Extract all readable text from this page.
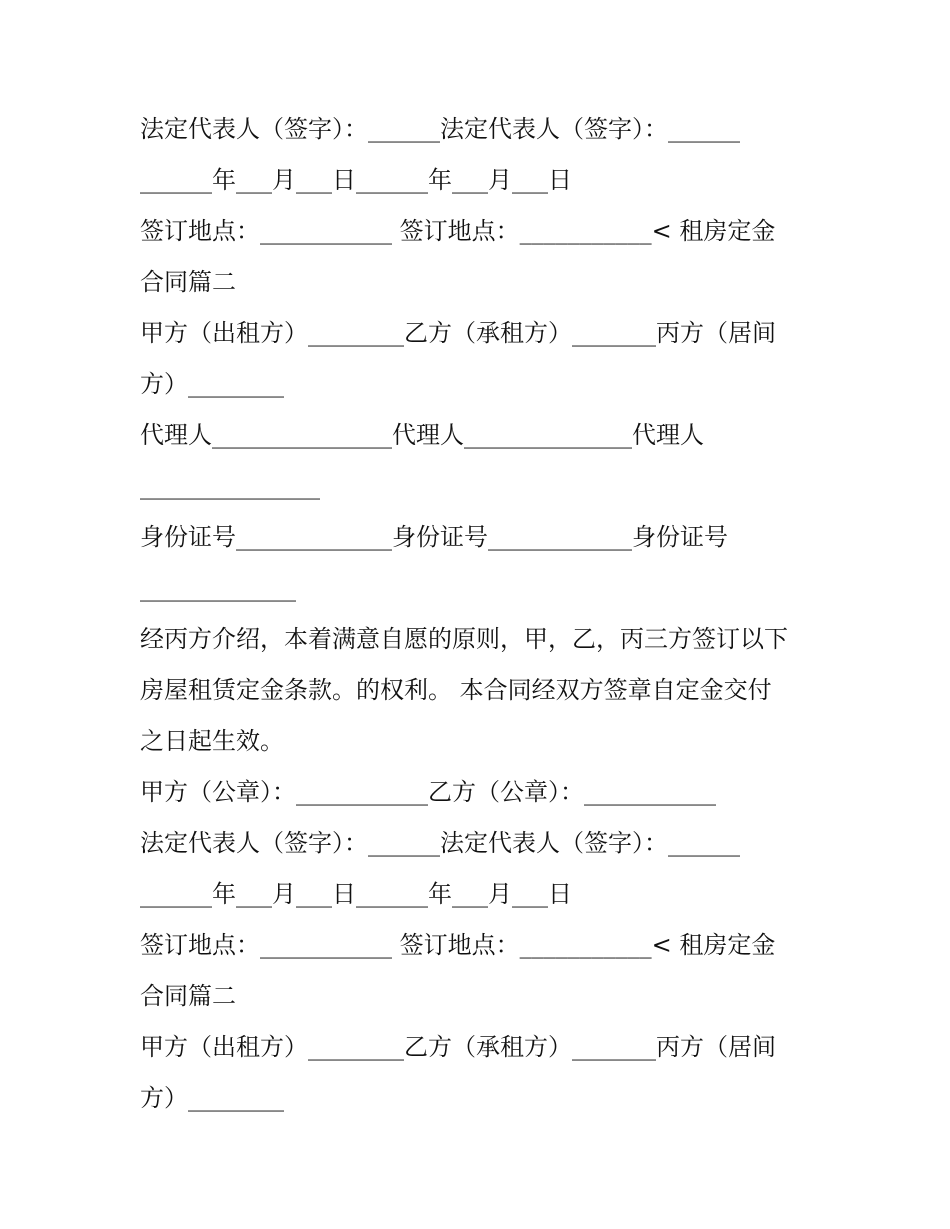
法定代表人（签字）：______法定代表人（签字）：______
______年___月___日______年___月___日
签订地点：___________ 签订地点：___________< 租房定金
合同篇二
甲方（出租方）________乙方（承租方）_______丙方（居间
方）________
代理人_______________代理人______________代理人
_______________
身份证号_____________身份证号____________身份证号
_____________
经丙方介绍，本着满意自愿的原则，甲，乙，丙三方签订以下
房屋租赁定金条款。的权利。 本合同经双方签章自定金交付
之日起生效。
甲方（公章）：___________乙方（公章）：___________
法定代表人（签字）：______法定代表人（签字）：______
______年___月___日______年___月___日
签订地点：___________ 签订地点：___________< 租房定金
合同篇二
甲方（出租方）________乙方（承租方）_______丙方（居间
方）________
